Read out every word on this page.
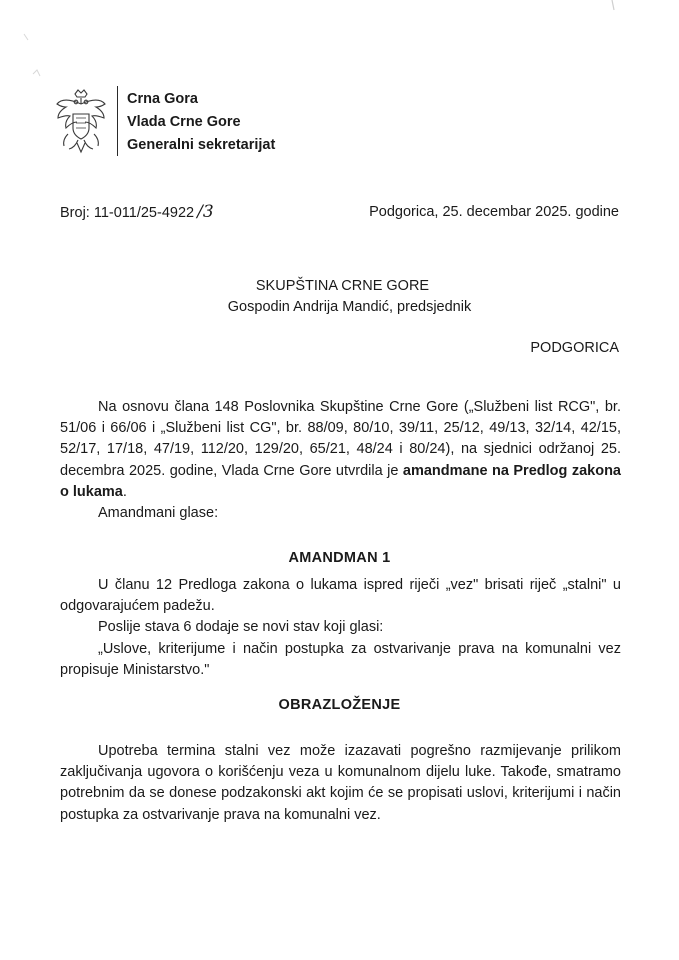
Crna Gora
Vlada Crne Gore
Generalni sekretarijat
Broj: 11-011/25-4922 /3	Podgorica, 25. decembar 2025. godine
SKUPŠTINA CRNE GORE
Gospodin Andrija Mandić, predsjednik
PODGORICA

Na osnovu člana 148 Poslovnika Skupštine Crne Gore („Službeni list RCG", br. 51/06 i 66/06 i „Službeni list CG", br. 88/09, 80/10, 39/11, 25/12, 49/13, 32/14, 42/15, 52/17, 17/18, 47/19, 112/20, 129/20, 65/21, 48/24 i 80/24), na sjednici održanoj 25. decembra 2025. godine, Vlada Crne Gore utvrdila je amandmane na Predlog zakona o lukama.

Amandmani glase:

AMANDMAN 1

U članu 12 Predloga zakona o lukama ispred riječi „vez" brisati riječ „stalni" u odgovarajućem padežu.

Poslije stava 6 dodaje se novi stav koji glasi:

„Uslove, kriterijume i način postupka za ostvarivanje prava na komunalni vez propisuje Ministarstvo."

OBRAZLOŽENJE

Upotreba termina stalni vez može izazavati pogrešno razmijevanje prilikom zaključivanja ugovora o korišćenju veza u komunalnom dijelu luke. Takođe, smatramo potrebnim da se donese podzakonski akt kojim će se propisati uslovi, kriterijumi i način postupka za ostvarivanje prava na komunalni vez.
